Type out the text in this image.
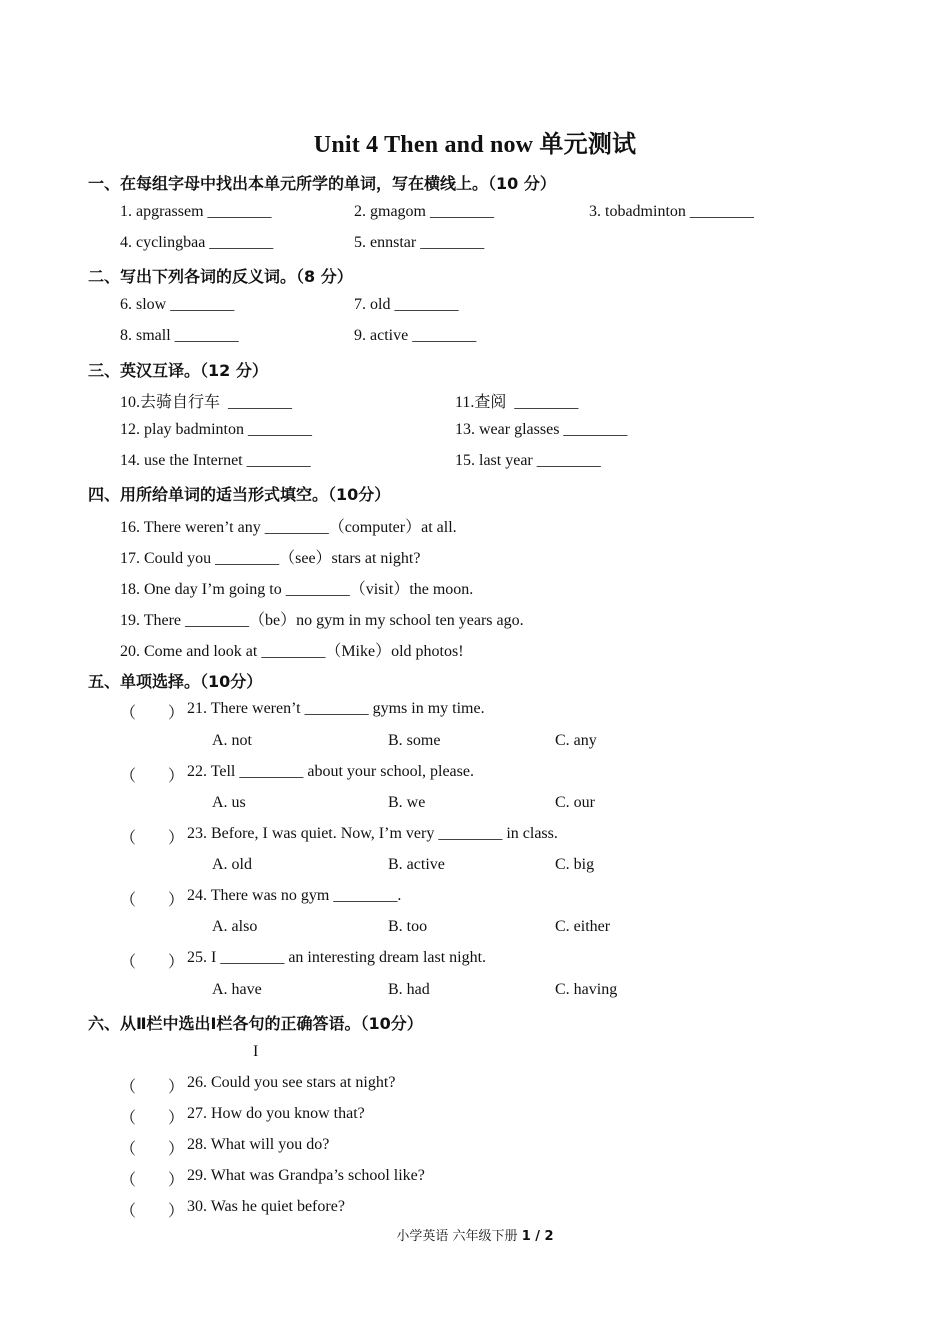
Unit 4 Then and now 单元测试
一、在每组字母中找出本单元所学的单词，写在横线上。（10 分）
1. apgrassem ________	2. gmagom ________	3. tobadminton ________
4. cyclingbaa ________	5. ennstar ________
二、写出下列各词的反义词。（8 分）
6. slow ________	7. old ________
8. small ________	9. active ________
三、英汉互译。（12 分）
10.去骑自行车  ________	11.查阅  ________
12. play badminton ________	13. wear glasses ________
14. use the Internet ________	15. last year ________
四、用所给单词的适当形式填空。（10分）
16. There weren’t any ________（computer）at all.
17. Could you ________（see）stars at night?
18. One day I’m going to ________（visit）the moon.
19. There ________（be）no gym in my school ten years ago.
20. Come and look at ________（Mike）old photos!
五、单项选择。（10分）
（        ） 21. There weren’t ________ gyms in my time.
A. not	B. some	C. any
（        ） 22. Tell ________ about your school, please.
A. us	B. we	C. our
（        ） 23. Before, I was quiet. Now, I’m very ________ in class.
A. old	B. active	C. big
（        ） 24. There was no gym ________.
A. also	B. too	C. either
（        ） 25. I ________ an interesting dream last night.
A. have	B. had	C. having
六、从Ⅱ栏中选出Ⅰ栏各句的正确答语。（10分）
I
（        ） 26. Could you see stars at night?
（        ） 27. How do you know that?
（        ） 28. What will you do?
（        ） 29. What was Grandpa’s school like?
（        ） 30. Was he quiet before?
小学英语 六年级下册 1 / 2
